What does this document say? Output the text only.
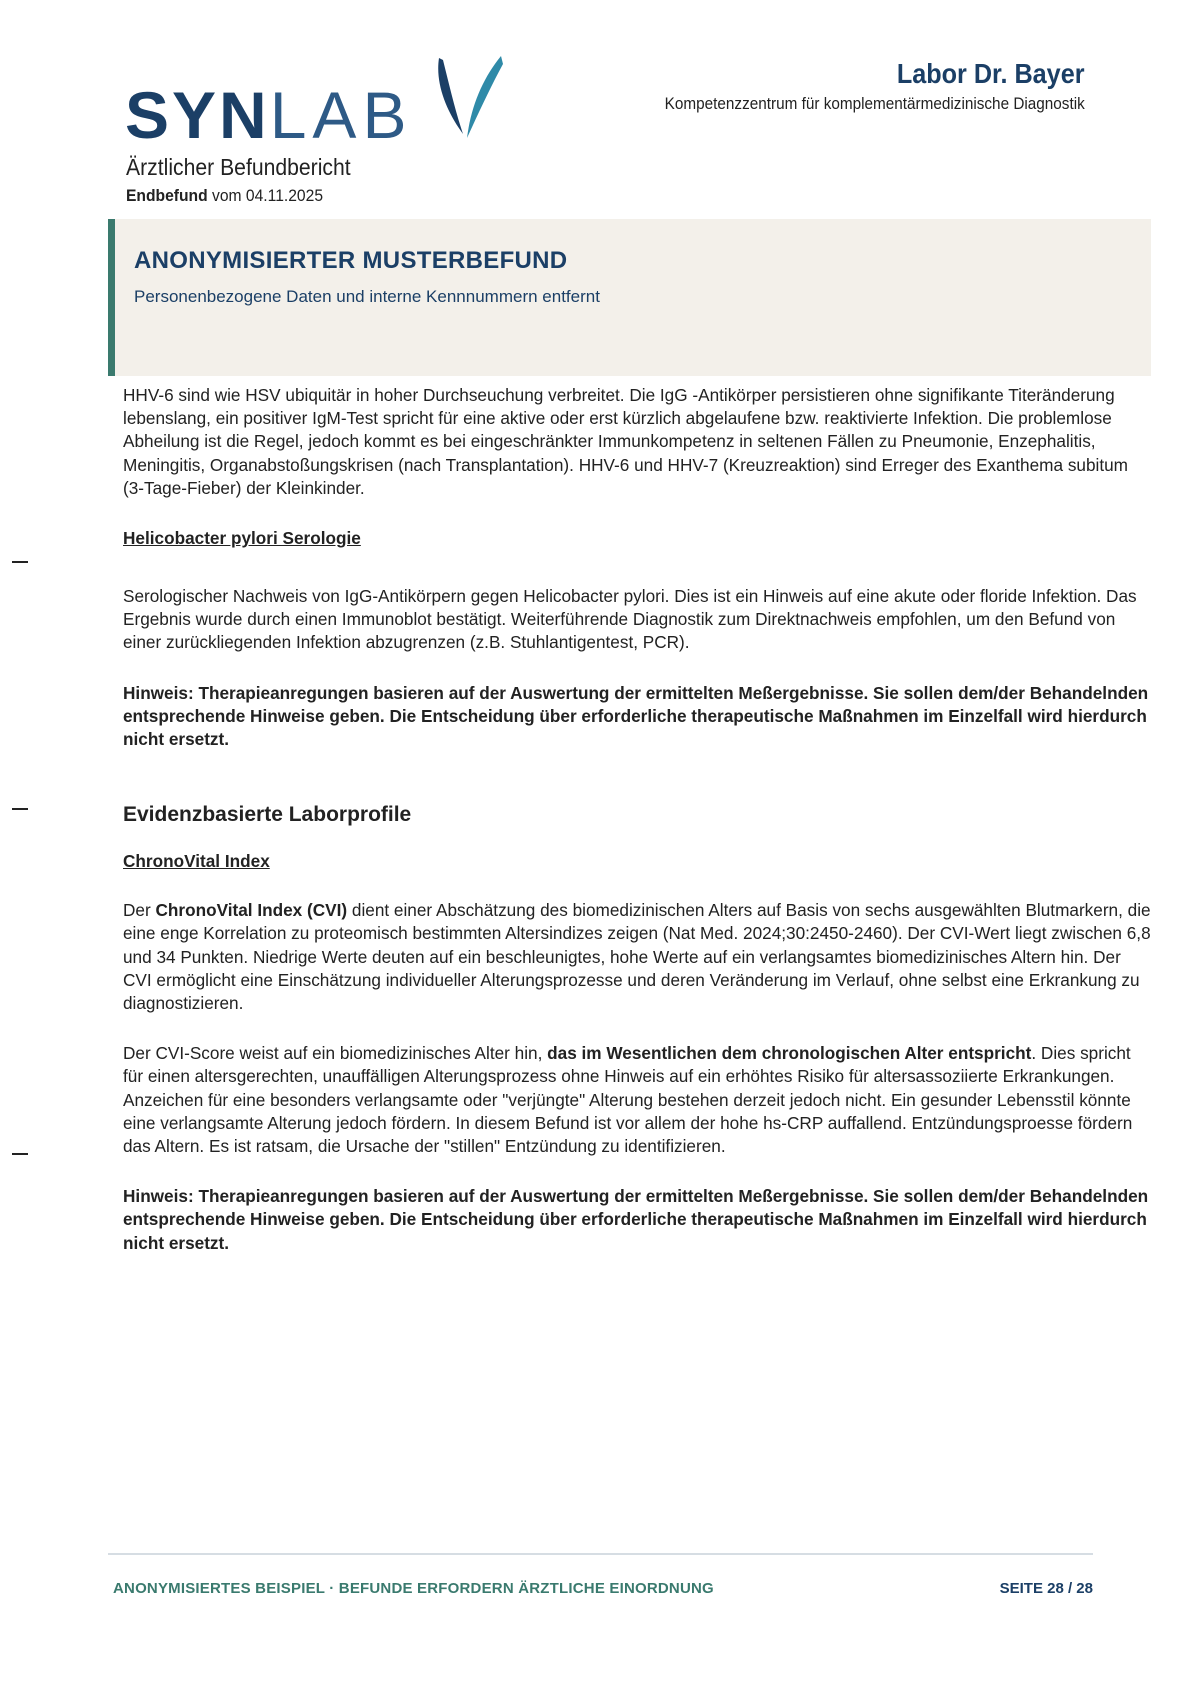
SYNLAB
Ärztlicher Befundbericht
Endbefund vom 04.11.2025
Labor Dr. Bayer
Kompetenzzentrum für komplementärmedizinische Diagnostik
ANONYMISIERTER MUSTERBEFUND
Personenbezogene Daten und interne Kennnummern entfernt

HHV-6 sind wie HSV ubiquitär in hoher Durchseuchung verbreitet. Die IgG -Antikörper persistieren ohne signifikante Titeränderung lebenslang, ein positiver IgM-Test spricht für eine aktive oder erst kürzlich abgelaufene bzw. reaktivierte Infektion. Die problemlose Abheilung ist die Regel, jedoch kommt es bei eingeschränkter Immunkompetenz in seltenen Fällen zu Pneumonie, Enzephalitis, Meningitis, Organabstoßungskrisen (nach Transplantation). HHV-6 und HHV-7 (Kreuzreaktion) sind Erreger des Exanthema subitum (3-Tage-Fieber) der Kleinkinder.

Helicobacter pylori Serologie

Serologischer Nachweis von IgG-Antikörpern gegen Helicobacter pylori. Dies ist ein Hinweis auf eine akute oder floride Infektion. Das Ergebnis wurde durch einen Immunoblot bestätigt. Weiterführende Diagnostik zum Direktnachweis empfohlen, um den Befund von einer zurückliegenden Infektion abzugrenzen (z.B. Stuhlantigentest, PCR).

Hinweis: Therapieanregungen basieren auf der Auswertung der ermittelten Meßergebnisse. Sie sollen dem/der Behandelnden entsprechende Hinweise geben. Die Entscheidung über erforderliche therapeutische Maßnahmen im Einzelfall wird hierdurch nicht ersetzt.

Evidenzbasierte Laborprofile

ChronoVital Index

Der ChronoVital Index (CVI) dient einer Abschätzung des biomedizinischen Alters auf Basis von sechs ausgewählten Blutmarkern, die eine enge Korrelation zu proteomisch bestimmten Altersindizes zeigen (Nat Med. 2024;30:2450-2460). Der CVI-Wert liegt zwischen 6,8 und 34 Punkten. Niedrige Werte deuten auf ein beschleunigtes, hohe Werte auf ein verlangsamtes biomedizinisches Altern hin. Der CVI ermöglicht eine Einschätzung individueller Alterungsprozesse und deren Veränderung im Verlauf, ohne selbst eine Erkrankung zu diagnostizieren.

Der CVI-Score weist auf ein biomedizinisches Alter hin, das im Wesentlichen dem chronologischen Alter entspricht. Dies spricht für einen altersgerechten, unauffälligen Alterungsprozess ohne Hinweis auf ein erhöhtes Risiko für altersassoziierte Erkrankungen. Anzeichen für eine besonders verlangsamte oder "verjüngte" Alterung bestehen derzeit jedoch nicht. Ein gesunder Lebensstil könnte eine verlangsamte Alterung jedoch fördern. In diesem Befund ist vor allem der hohe hs-CRP auffallend. Entzündungsproesse fördern das Altern. Es ist ratsam, die Ursache der "stillen" Entzündung zu identifizieren.

Hinweis: Therapieanregungen basieren auf der Auswertung der ermittelten Meßergebnisse. Sie sollen dem/der Behandelnden entsprechende Hinweise geben. Die Entscheidung über erforderliche therapeutische Maßnahmen im Einzelfall wird hierdurch nicht ersetzt.

ANONYMISIERTES BEISPIEL · BEFUNDE ERFORDERN ÄRZTLICHE EINORDNUNG	SEITE 28 / 28
